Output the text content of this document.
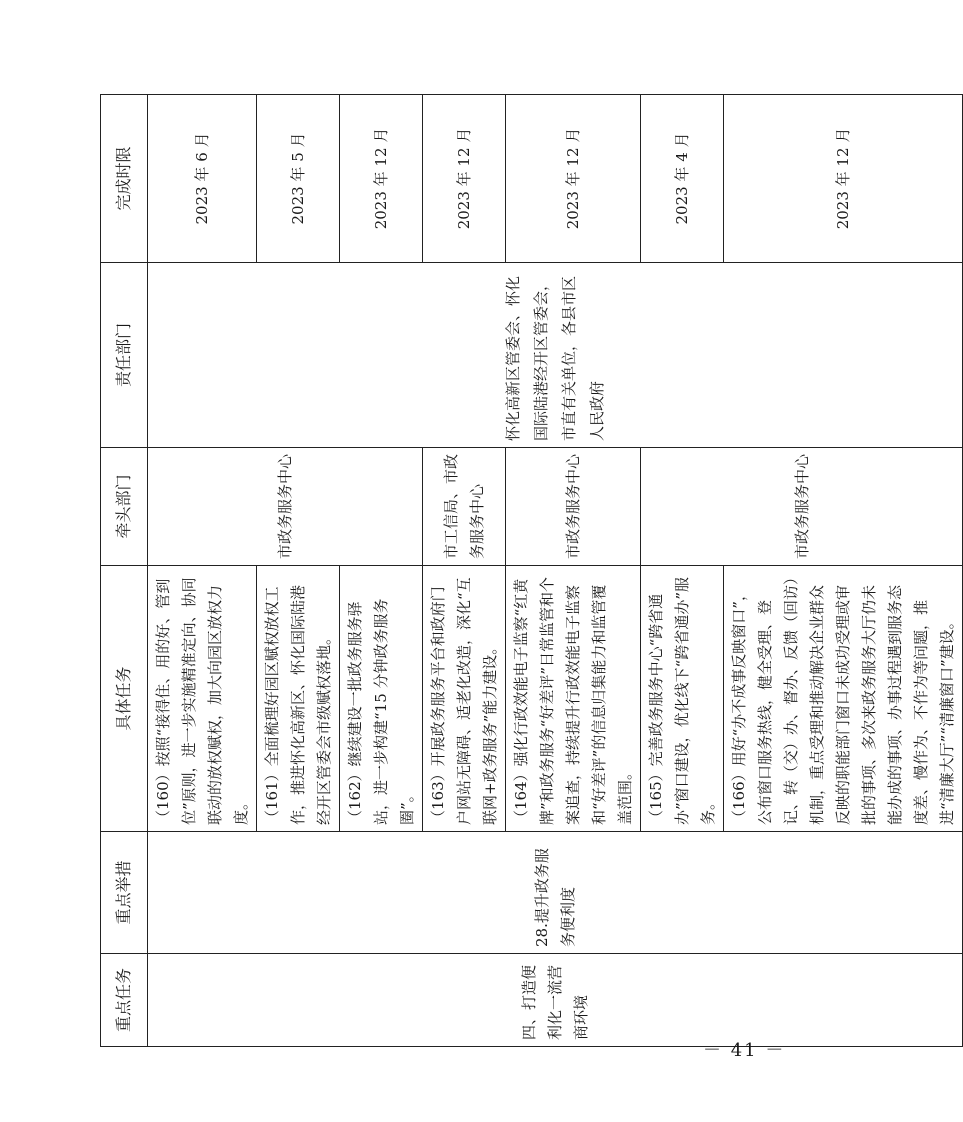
重点任务	重点举措	具体任务	牵头部门	责任部门	完成时限
四、打造便利化一流营商环境	28.提升政务服务便利度	（160）按照“接得住、用的好、管到位”原则，进一步实施精准定向、协同联动的放权赋权，加大向园区放权力度。	市政务服务中心	怀化高新区管委会、怀化国际陆港经开区管委会，市直有关单位，各县市区人民政府	2023 年 6 月
		（161）全面梳理好园区赋权放权工作，推进怀化高新区、怀化国际陆港经开区管委会市级赋权落地。			2023 年 5 月
		（162）继续建设一批政务服务驿站，进一步构建“15 分钟政务服务圈”。			2023 年 12 月
		（163）开展政务服务平台和政府门户网站无障碍、适老化改造，深化“互联网+政务服务”能力建设。	市工信局、市政务服务中心		2023 年 12 月
		（164）强化行政效能电子监察“红黄牌”和政务服务“好差评”日常监管和个案追查，持续提升行政效能电子监察和“好差评”的信息归集能力和监管覆盖范围。	市政务服务中心		2023 年 12 月
		（165）完善政务服务中心“跨省通办”窗口建设，优化线下“跨省通办”服务。	市政务服务中心		2023 年 4 月
		（166）用好“办不成事反映窗口”，公布窗口服务热线，健全受理、登记、转（交）办、督办、反馈（回访）机制，重点受理和推动解决企业群众反映的职能部门窗口未成功受理或审批的事项、多次来政务服务大厅仍未能办成的事项、办事过程遇到服务态度差、慢作为、不作为等问题，推进“清廉大厅”“清廉窗口”建设。			2023 年 12 月
－ 41 －
